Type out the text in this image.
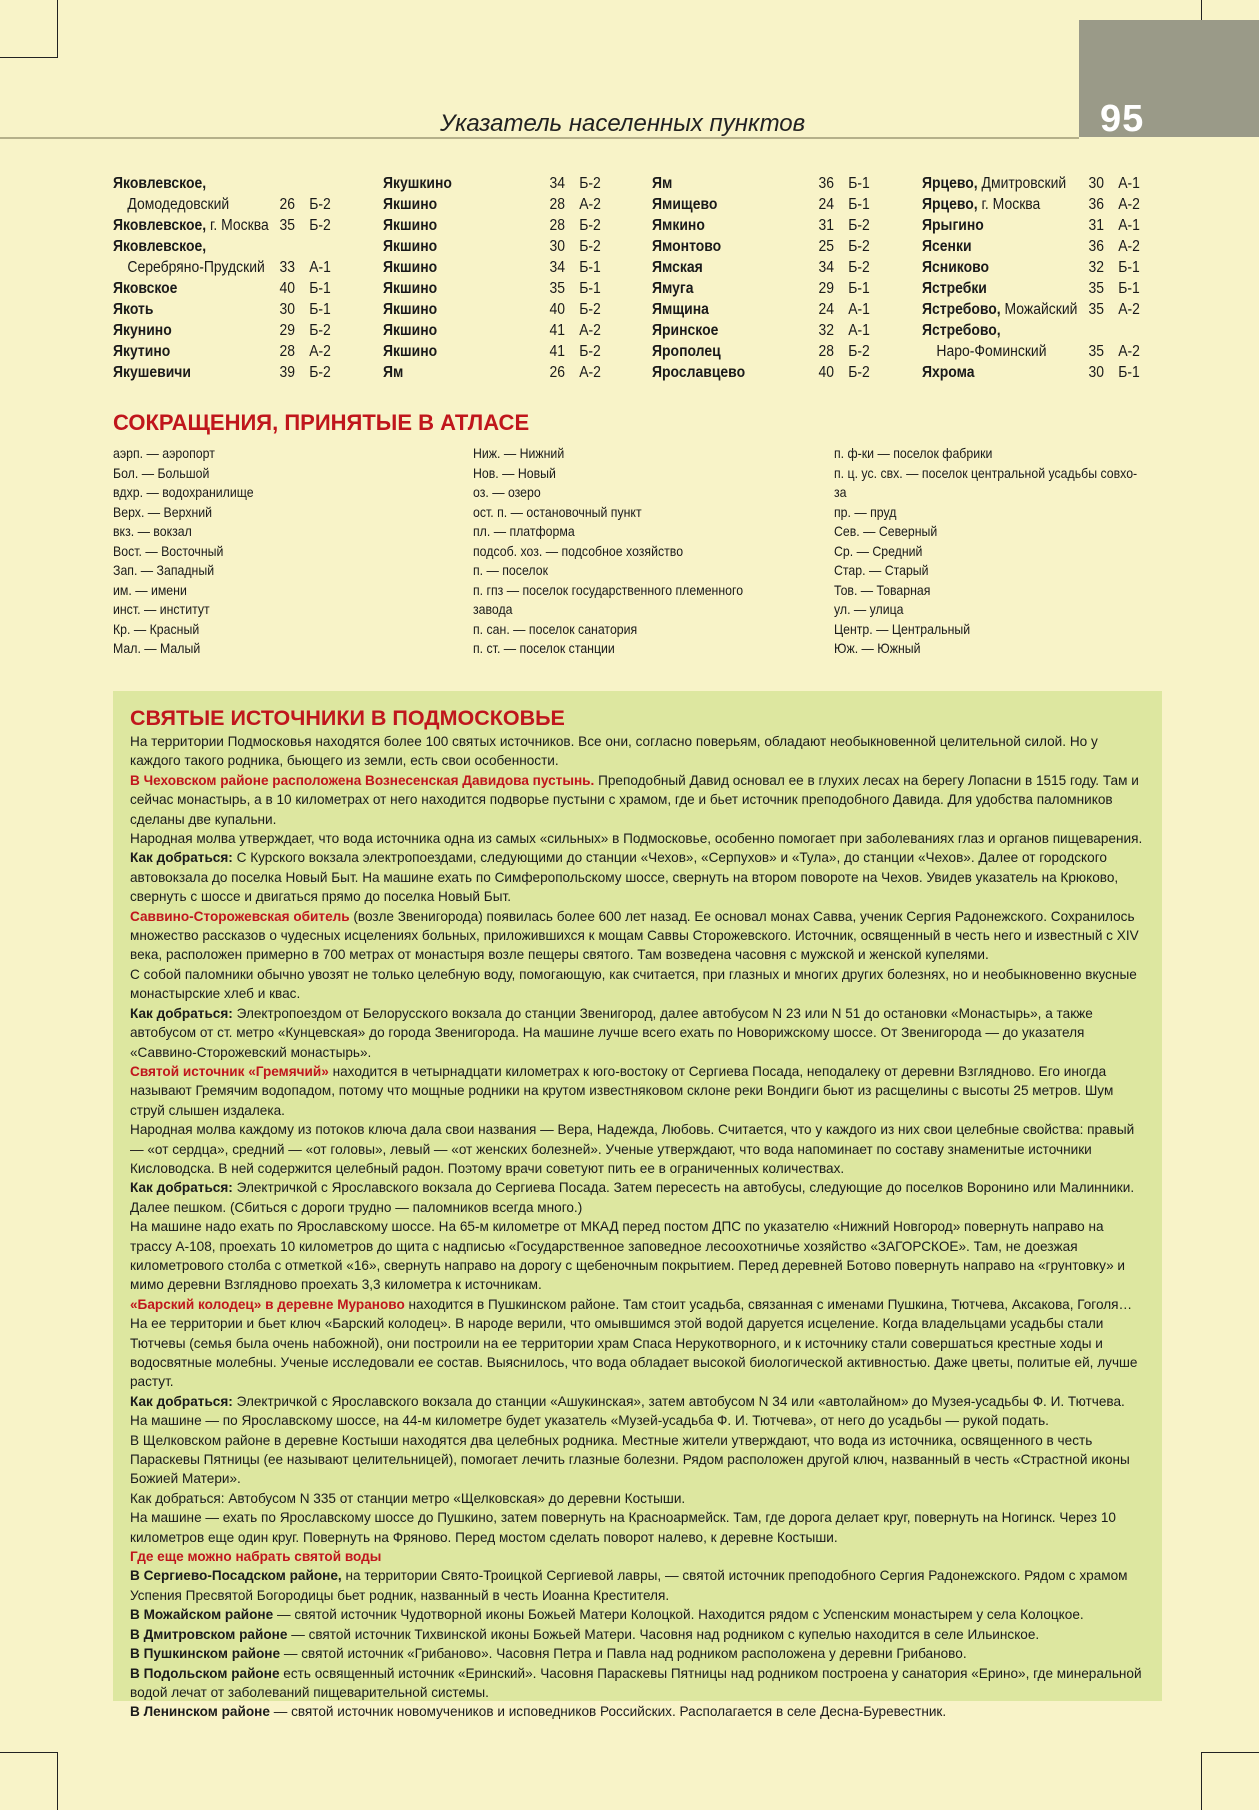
95
Указатель населенных пунктов
Яковлевское,
Домодедовский	26 Б-2
Яковлевское, г. Москва 35 Б-2
Яковлевское,
Серебряно-Прудский 33 А-1
Яковское	40 Б-1
Якоть	30 Б-1
Якунино	29 Б-2
Якутино	28 А-2
Якушевичи	39 Б-2
Якушкино	34 Б-2
Якшино	28 А-2
Якшино	28 Б-2
Якшино	30 Б-2
Якшино	34 Б-1
Якшино	35 Б-1
Якшино	40 Б-2
Якшино	41 А-2
Якшино	41 Б-2
Ям	26 А-2
Ям	36 Б-1
Ямищево	24 Б-1
Ямкино	31 Б-2
Ямонтово	25 Б-2
Ямская	34 Б-2
Ямуга	29 Б-1
Ямщина	24 А-1
Яринское	32 А-1
Ярополец	28 Б-2
Ярославцево	40 Б-2
Ярцево, Дмитровский 30 А-1
Ярцево, г. Москва	36 А-2
Ярыгино	31 А-1
Ясенки	36 А-2
Ясниково	32 Б-1
Ястребки	35 Б-1
Ястребово, Можайский 35 А-2
Ястребово,
Наро-Фоминский	35 А-2
Яхрома	30 Б-1
СОКРАЩЕНИЯ, ПРИНЯТЫЕ В АТЛАСЕ
аэрп. — аэропорт
Бол. — Большой
вдхр. — водохранилище
Верх. — Верхний
вкз. — вокзал
Вост. — Восточный
Зап. — Западный
им. — имени
инст. — институт
Кр. — Красный
Мал. — Малый
Ниж. — Нижний
Нов. — Новый
оз. — озеро
ост. п. — остановочный пункт
пл. — платформа
подсоб. хоз. — подсобное хозяйство
п. — поселок
п. гпз — поселок государственного племенного
завода
п. сан. — поселок санатория
п. ст. — поселок станции
п. ф-ки — поселок фабрики
п. ц. ус. свх. — поселок центральной усадьбы совхо-
за
пр. — пруд
Сев. — Северный
Ср. — Средний
Стар. — Старый
Тов. — Товарная
ул. — улица
Центр. — Центральный
Юж. — Южный
СВЯТЫЕ ИСТОЧНИКИ В ПОДМОСКОВЬЕ

На территории Подмосковья находятся более 100 святых источников. Все они, согласно поверьям, обладают необыкновенной целительной силой. Но у каждого такого родника, бьющего из земли, есть свои особенности.

В Чеховском районе расположена Вознесенская Давидова пустынь. Преподобный Давид основал ее в глухих лесах на берегу Лопасни в 1515 году. Там и сейчас монастырь, а в 10 километрах от него находится подворье пустыни с храмом, где и бьет источник преподобного Давида. Для удобства паломников сделаны две купальни.

Народная молва утверждает, что вода источника одна из самых «сильных» в Подмосковье, особенно помогает при заболеваниях глаз и органов пищеварения.

Как добраться: С Курского вокзала электропоездами, следующими до станции «Чехов», «Серпухов» и «Тула», до станции «Чехов». Далее от городского автовокзала до поселка Новый Быт. На машине ехать по Симферопольскому шоссе, свернуть на втором повороте на Чехов. Увидев указатель на Крюково, свернуть с шоссе и двигаться прямо до поселка Новый Быт.

Саввино-Сторожевская обитель (возле Звенигорода) появилась более 600 лет назад. Ее основал монах Савва, ученик Сергия Радонежского. Сохранилось множество рассказов о чудесных исцелениях больных, приложившихся к мощам Саввы Сторожевского. Источник, освященный в честь него и известный с XIV века, расположен примерно в 700 метрах от монастыря возле пещеры святого. Там возведена часовня с мужской и женской купелями.

С собой паломники обычно увозят не только целебную воду, помогающую, как считается, при глазных и многих других болезнях, но и необыкновенно вкусные монастырские хлеб и квас.

Как добраться: Электропоездом от Белорусского вокзала до станции Звенигород, далее автобусом N 23 или N 51 до остановки «Монастырь», а также автобусом от ст. метро «Кунцевская» до города Звенигорода. На машине лучше всего ехать по Новорижскому шоссе. От Звенигорода — до указателя «Саввино-Сторожевский монастырь».

Святой источник «Гремячий» находится в четырнадцати километрах к юго-востоку от Сергиева Посада, неподалеку от деревни Взглядново. Его иногда называют Гремячим водопадом, потому что мощные родники на крутом известняковом склоне реки Вондиги бьют из расщелины с высоты 25 метров. Шум струй слышен издалека.

Народная молва каждому из потоков ключа дала свои названия — Вера, Надежда, Любовь. Считается, что у каждого из них свои целебные свойства: правый — «от сердца», средний — «от головы», левый — «от женских болезней». Ученые утверждают, что вода напоминает по составу знаменитые источники Кисловодска. В ней содержится целебный радон. Поэтому врачи советуют пить ее в ограниченных количествах.

Как добраться: Электричкой с Ярославского вокзала до Сергиева Посада. Затем пересесть на автобусы, следующие до поселков Воронино или Малинники. Далее пешком. (Сбиться с дороги трудно — паломников всегда много.)

На машине надо ехать по Ярославскому шоссе. На 65-м километре от МКАД перед постом ДПС по указателю «Нижний Новгород» повернуть направо на трассу А-108, проехать 10 километров до щита с надписью «Государственное заповедное лесоохотничье хозяйство «ЗАГОРСКОЕ». Там, не доезжая километрового столба с отметкой «16», свернуть направо на дорогу с щебеночным покрытием. Перед деревней Ботово повернуть направо на «грунтовку» и мимо деревни Взглядново проехать 3,3 километра к источникам.

«Барский колодец» в деревне Мураново находится в Пушкинском районе. Там стоит усадьба, связанная с именами Пушкина, Тютчева, Аксакова, Гоголя… На ее территории и бьет ключ «Барский колодец». В народе верили, что омывшимся этой водой даруется исцеление. Когда владельцами усадьбы стали Тютчевы (семья была очень набожной), они построили на ее территории храм Спаса Нерукотворного, и к источнику стали совершаться крестные ходы и водосвятные молебны. Ученые исследовали ее состав. Выяснилось, что вода обладает высокой биологической активностью. Даже цветы, политые ей, лучше растут.

Как добраться: Электричкой с Ярославского вокзала до станции «Ашукинская», затем автобусом N 34 или «автолайном» до Музея-усадьбы Ф. И. Тютчева.

На машине — по Ярославскому шоссе, на 44-м километре будет указатель «Музей-усадьба Ф. И. Тютчева», от него до усадьбы — рукой подать.

В Щелковском районе в деревне Костыши находятся два целебных родника. Местные жители утверждают, что вода из источника, освященного в честь Параскевы Пятницы (ее называют целительницей), помогает лечить глазные болезни. Рядом расположен другой ключ, названный в честь «Страстной иконы Божией Матери».

Как добраться: Автобусом N 335 от станции метро «Щелковская» до деревни Костыши.

На машине — ехать по Ярославскому шоссе до Пушкино, затем повернуть на Красноармейск. Там, где дорога делает круг, повернуть на Ногинск. Через 10 километров еще один круг. Повернуть на Фряново. Перед мостом сделать поворот налево, к деревне Костыши.

Где еще можно набрать святой воды

В Сергиево-Посадском районе, на территории Свято-Троицкой Сергиевой лавры, — святой источник преподобного Сергия Радонежского. Рядом с храмом Успения Пресвятой Богородицы бьет родник, названный в честь Иоанна Крестителя.

В Можайском районе — святой источник Чудотворной иконы Божьей Матери Колоцкой. Находится рядом с Успенским монастырем у села Колоцкое.

В Дмитровском районе — святой источник Тихвинской иконы Божьей Матери. Часовня над родником с купелью находится в селе Ильинское.

В Пушкинском районе — святой источник «Грибаново». Часовня Петра и Павла над родником расположена у деревни Грибаново.

В Подольском районе есть освященный источник «Еринский». Часовня Параскевы Пятницы над родником построена у санатория «Ерино», где минеральной водой лечат от заболеваний пищеварительной системы.

В Ленинском районе — святой источник новомучеников и исповедников Российских. Располагается в селе Десна-Буревестник.
